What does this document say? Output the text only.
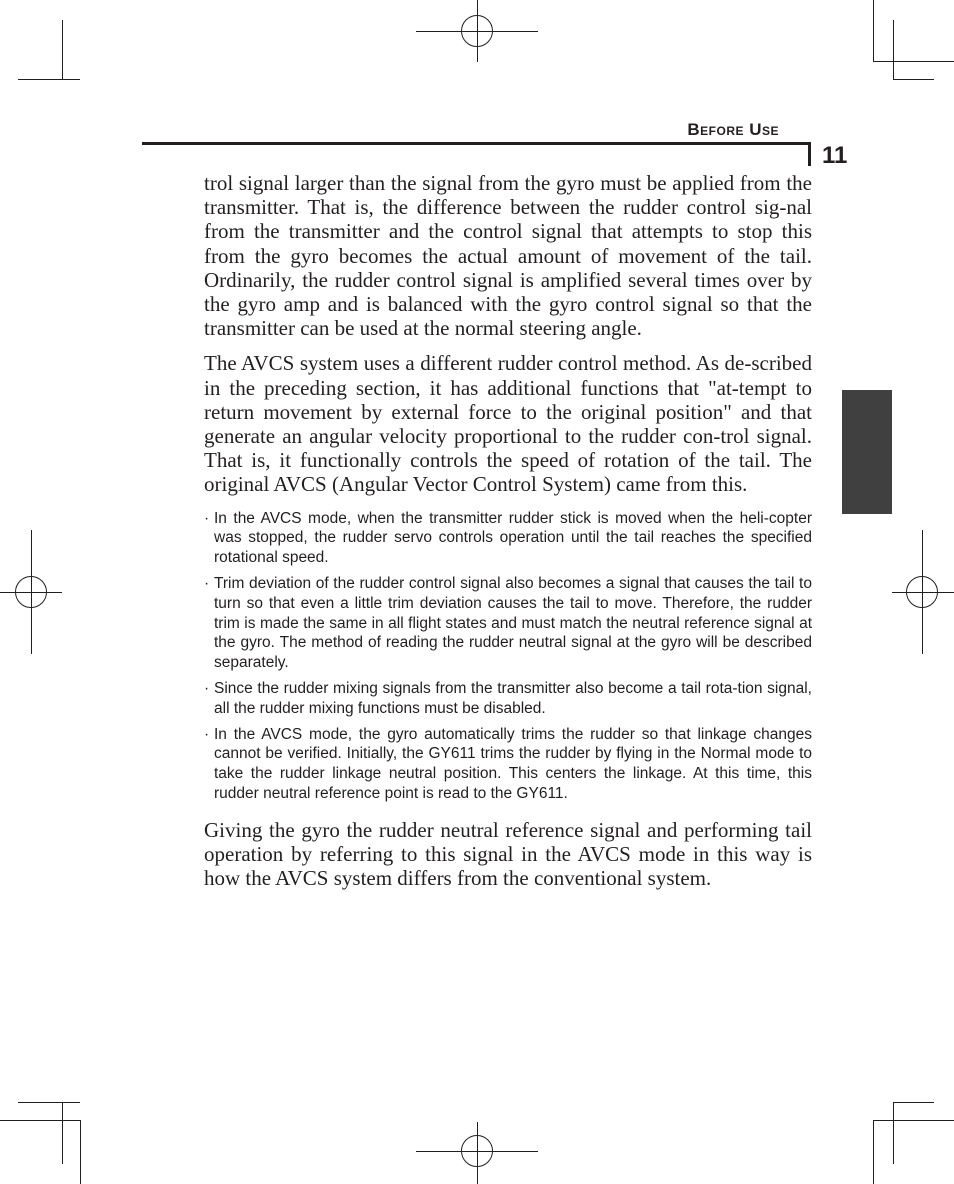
Before Use
11

trol signal larger than the signal from the gyro must be applied from the transmitter. That is, the difference between the rudder control sig-nal from the transmitter and the control signal that attempts to stop this from the gyro becomes the actual amount of movement of the tail. Ordinarily, the rudder control signal is amplified several times over by the gyro amp and is balanced with the gyro control signal so that the transmitter can be used at the normal steering angle.

The AVCS system uses a different rudder control method. As de-scribed in the preceding section, it has additional functions that "at-tempt to return movement by external force to the original position" and that generate an angular velocity proportional to the rudder con-trol signal. That is, it functionally controls the speed of rotation of the tail. The original AVCS (Angular Vector Control System) came from this.

· In the AVCS mode, when the transmitter rudder stick is moved when the heli-copter was stopped, the rudder servo controls operation until the tail reaches the specified rotational speed.
· Trim deviation of the rudder control signal also becomes a signal that causes the tail to turn so that even a little trim deviation causes the tail to move. Therefore, the rudder trim is made the same in all flight states and must match the neutral reference signal at the gyro. The method of reading the rudder neutral signal at the gyro will be described separately.
· Since the rudder mixing signals from the transmitter also become a tail rota-tion signal, all the rudder mixing functions must be disabled.
· In the AVCS mode, the gyro automatically trims the rudder so that linkage changes cannot be verified. Initially, the GY611 trims the rudder by flying in the Normal mode to take the rudder linkage neutral position. This centers the linkage. At this time, this rudder neutral reference point is read to the GY611.

Giving the gyro the rudder neutral reference signal and performing tail operation by referring to this signal in the AVCS mode in this way is how the AVCS system differs from the conventional system.
